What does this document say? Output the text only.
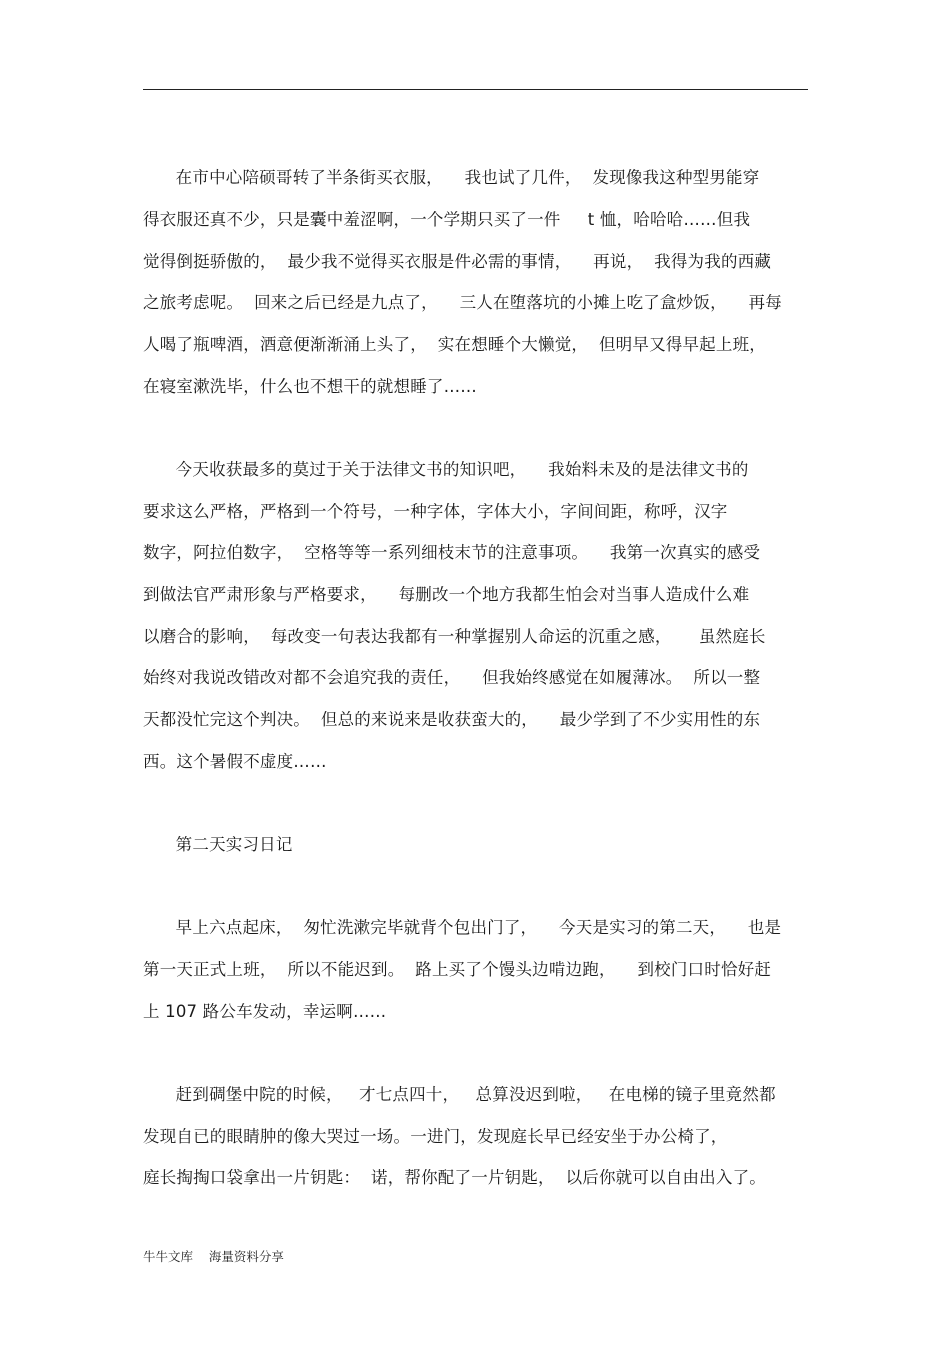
在市中心陪硕哥转了半条街买衣服，    我也试了几件，  发现像我这种型男能穿
得衣服还真不少，只是囊中羞涩啊，一个学期只买了一件     t 恤，哈哈哈……但我
觉得倒挺骄傲的，  最少我不觉得买衣服是件必需的事情，    再说，  我得为我的西藏
之旅考虑呢。  回来之后已经是九点了，    三人在堕落坑的小摊上吃了盒炒饭，    再每
人喝了瓶啤酒，酒意便渐渐涌上头了，  实在想睡个大懒觉，  但明早又得早起上班，
在寝室漱洗毕，什么也不想干的就想睡了……
今天收获最多的莫过于关于法律文书的知识吧，    我始料未及的是法律文书的
要求这么严格，严格到一个符号，一种字体，字体大小，字间间距，称呼，汉字
数字，阿拉伯数字，  空格等等一系列细枝末节的注意事项。    我第一次真实的感受
到做法官严肃形象与严格要求，    每删改一个地方我都生怕会对当事人造成什么难
以磨合的影响，  每改变一句表达我都有一种掌握别人命运的沉重之感，     虽然庭长
始终对我说改错改对都不会追究我的责任，    但我始终感觉在如履薄冰。  所以一整
天都没忙完这个判决。  但总的来说来是收获蛮大的，    最少学到了不少实用性的东
西。这个暑假不虚度……
第二天实习日记
早上六点起床，  匆忙洗漱完毕就背个包出门了，    今天是实习的第二天，    也是
第一天正式上班，  所以不能迟到。  路上买了个馒头边啃边跑，    到校门口时恰好赶
上 107 路公车发动，幸运啊……
赶到碉堡中院的时候，   才七点四十，   总算没迟到啦，   在电梯的镜子里竟然都
发现自已的眼睛肿的像大哭过一场。一进门，发现庭长早已经安坐于办公椅了，
庭长掏掏口袋拿出一片钥匙：  诺，帮你配了一片钥匙，  以后你就可以自由出入了。
牛牛文库    海量资料分享
